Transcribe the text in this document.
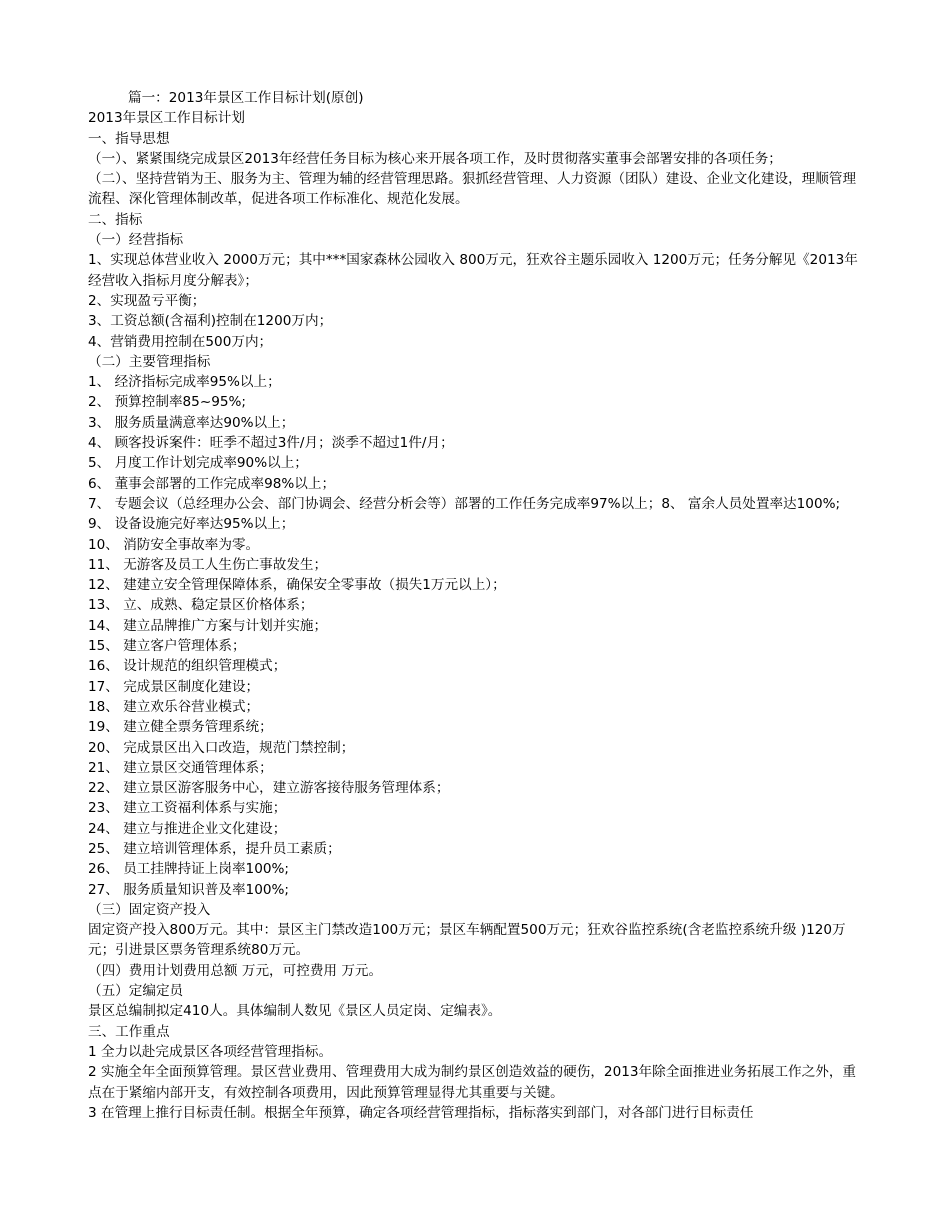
篇一：2013年景区工作目标计划(原创)

2013年景区工作目标计划

一、指导思想

（一）、紧紧围绕完成景区2013年经营任务目标为核心来开展各项工作，及时贯彻落实董事会部署安排的各项任务；

（二）、坚持营销为王、服务为主、管理为辅的经营管理思路。狠抓经营管理、人力资源（团队）建设、企业文化建设，理顺管理流程、深化管理体制改革，促进各项工作标准化、规范化发展。

二、指标

（一）经营指标

1、实现总体营业收入 2000万元；其中***国家森林公园收入 800万元，狂欢谷主题乐园收入 1200万元；任务分解见《2013年经营收入指标月度分解表》；

2、实现盈亏平衡；

3、工资总额(含福利)控制在1200万内；

4、营销费用控制在500万内；

（二）主要管理指标

1、 经济指标完成率95%以上；

2、 预算控制率85~95%;

3、 服务质量满意率达90%以上；

4、 顾客投诉案件：旺季不超过3件/月；淡季不超过1件/月；

5、 月度工作计划完成率90%以上；

6、 董事会部署的工作完成率98%以上；

7、 专题会议（总经理办公会、部门协调会、经营分析会等）部署的工作任务完成率97%以上；8、 富余人员处置率达100%;

9、 设备设施完好率达95%以上；

10、 消防安全事故率为零。

11、 无游客及员工人生伤亡事故发生；

12、 建建立安全管理保障体系，确保安全零事故（损失1万元以上）；

13、 立、成熟、稳定景区价格体系；

14、 建立品牌推广方案与计划并实施；

15、 建立客户管理体系；

16、 设计规范的组织管理模式；

17、 完成景区制度化建设；

18、 建立欢乐谷营业模式；

19、 建立健全票务管理系统；

20、 完成景区出入口改造，规范门禁控制；

21、 建立景区交通管理体系；

22、 建立景区游客服务中心，建立游客接待服务管理体系；

23、 建立工资福利体系与实施；

24、 建立与推进企业文化建设；

25、 建立培训管理体系，提升员工素质；

26、 员工挂牌持证上岗率100%;

27、 服务质量知识普及率100%;

（三）固定资产投入

固定资产投入800万元。其中：景区主门禁改造100万元；景区车辆配置500万元；狂欢谷监控系统(含老监控系统升级 )120万元；引进景区票务管理系统80万元。

（四）费用计划费用总额 万元，可控费用 万元。

（五）定编定员

景区总编制拟定410人。具体编制人数见《景区人员定岗、定编表》。

三、工作重点

1 全力以赴完成景区各项经营管理指标。

2 实施全年全面预算管理。景区营业费用、管理费用大成为制约景区创造效益的硬伤，2013年除全面推进业务拓展工作之外，重点在于紧缩内部开支，有效控制各项费用，因此预算管理显得尤其重要与关键。

3 在管理上推行目标责任制。根据全年预算，确定各项经营管理指标，指标落实到部门，对各部门进行目标责任
